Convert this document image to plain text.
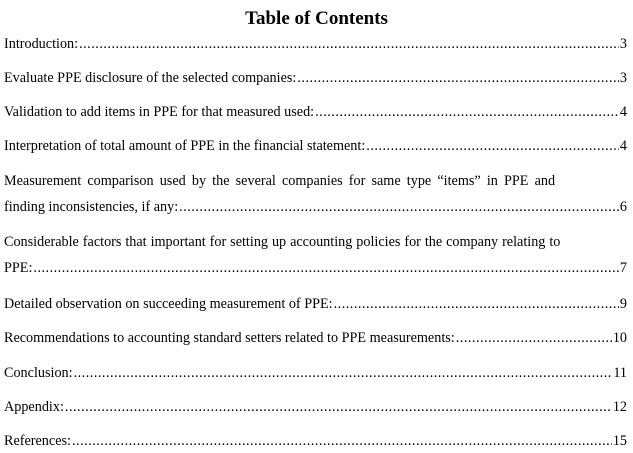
Table of Contents
Introduction: .....	3
Evaluate PPE disclosure of the selected companies: .....	3
Validation to add items in PPE for that measured used: .....	4
Interpretation of total amount of PPE in the financial statement: .....	4
Measurement comparison used by the several companies for same type “items” in PPE and
finding inconsistencies, if any: .....	6
Considerable factors that important for setting up accounting policies for the company relating to
PPE: .....	7
Detailed observation on succeeding measurement of PPE: .....	9
Recommendations to accounting standard setters related to PPE measurements: .....	10
Conclusion: .....	11
Appendix: .....	12
References: .....	15
